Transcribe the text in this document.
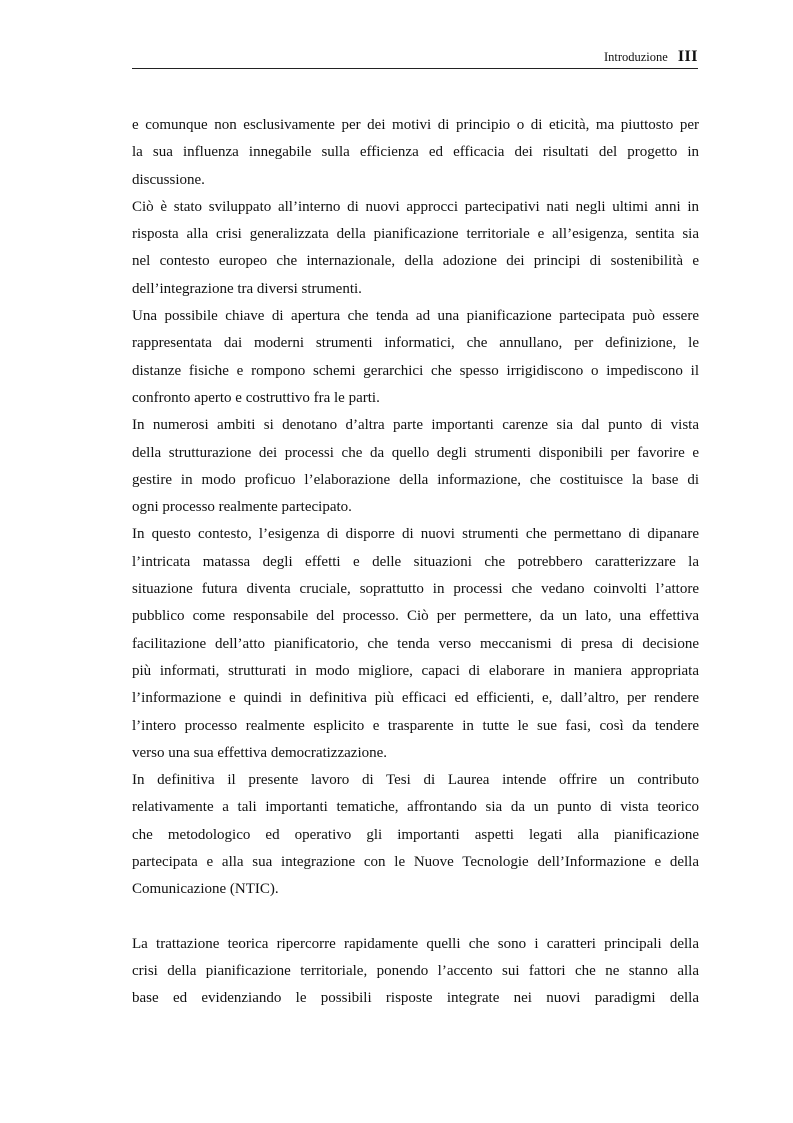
Introduzione III

e comunque non esclusivamente per dei motivi di principio o di eticità, ma piuttosto per
la sua influenza innegabile sulla efficienza ed efficacia dei risultati del progetto in
discussione.

Ciò è stato sviluppato all’interno di nuovi approcci partecipativi nati negli ultimi anni in
risposta alla crisi generalizzata della pianificazione territoriale e all’esigenza, sentita sia
nel contesto europeo che internazionale, della adozione dei principi di sostenibilità e
dell’integrazione tra diversi strumenti.

Una possibile chiave di apertura che tenda ad una pianificazione partecipata può essere
rappresentata dai moderni strumenti informatici, che annullano, per definizione, le
distanze fisiche e rompono schemi gerarchici che spesso irrigidiscono o impediscono il
confronto aperto e costruttivo fra le parti.

In numerosi ambiti si denotano d’altra parte importanti carenze sia dal punto di vista
della strutturazione dei processi che da quello degli strumenti disponibili per favorire e
gestire in modo proficuo l’elaborazione della informazione, che costituisce la base di
ogni processo realmente partecipato.

In questo contesto, l’esigenza di disporre di nuovi strumenti che permettano di dipanare
l’intricata matassa degli effetti e delle situazioni che potrebbero caratterizzare la
situazione futura diventa cruciale, soprattutto in processi che vedano coinvolti l’attore
pubblico come responsabile del processo. Ciò per permettere, da un lato, una effettiva
facilitazione dell’atto pianificatorio, che tenda verso meccanismi di presa di decisione
più informati, strutturati in modo migliore, capaci di elaborare in maniera appropriata
l’informazione e quindi in definitiva più efficaci ed efficienti, e, dall’altro, per rendere
l’intero processo realmente esplicito e trasparente in tutte le sue fasi, così da tendere
verso una sua effettiva democratizzazione.

In definitiva il presente lavoro di Tesi di Laurea intende offrire un contributo
relativamente a tali importanti tematiche, affrontando sia da un punto di vista teorico
che metodologico ed operativo gli importanti aspetti legati alla pianificazione
partecipata e alla sua integrazione con le Nuove Tecnologie dell’Informazione e della
Comunicazione (NTIC).

La trattazione teorica ripercorre rapidamente quelli che sono i caratteri principali della
crisi della pianificazione territoriale, ponendo l’accento sui fattori che ne stanno alla
base ed evidenziando le possibili risposte integrate nei nuovi paradigmi della
